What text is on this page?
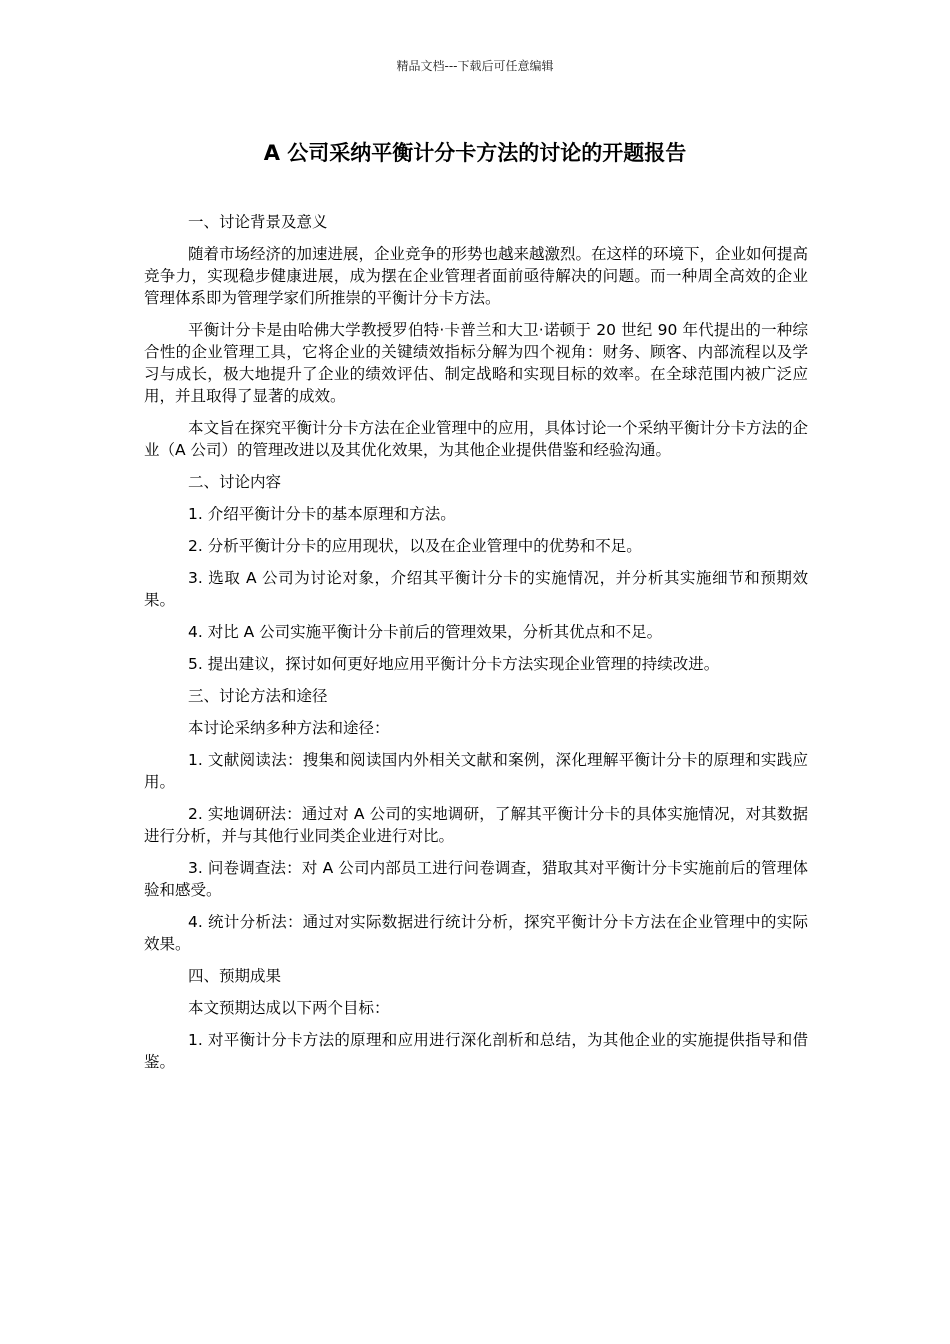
精品文档---下载后可任意编辑
A 公司采纳平衡计分卡方法的讨论的开题报告

一、讨论背景及意义

随着市场经济的加速进展，企业竞争的形势也越来越激烈。在这样的环境下，企业如何提高竞争力，实现稳步健康进展，成为摆在企业管理者面前亟待解决的问题。而一种周全高效的企业管理体系即为管理学家们所推崇的平衡计分卡方法。

平衡计分卡是由哈佛大学教授罗伯特·卡普兰和大卫·诺顿于 20 世纪 90 年代提出的一种综合性的企业管理工具，它将企业的关键绩效指标分解为四个视角：财务、顾客、内部流程以及学习与成长，极大地提升了企业的绩效评估、制定战略和实现目标的效率。在全球范围内被广泛应用，并且取得了显著的成效。

本文旨在探究平衡计分卡方法在企业管理中的应用，具体讨论一个采纳平衡计分卡方法的企业（A 公司）的管理改进以及其优化效果，为其他企业提供借鉴和经验沟通。

二、讨论内容

1. 介绍平衡计分卡的基本原理和方法。

2. 分析平衡计分卡的应用现状，以及在企业管理中的优势和不足。

3. 选取 A 公司为讨论对象，介绍其平衡计分卡的实施情况，并分析其实施细节和预期效果。

4. 对比 A 公司实施平衡计分卡前后的管理效果，分析其优点和不足。

5. 提出建议，探讨如何更好地应用平衡计分卡方法实现企业管理的持续改进。

三、讨论方法和途径

本讨论采纳多种方法和途径：

1. 文献阅读法：搜集和阅读国内外相关文献和案例，深化理解平衡计分卡的原理和实践应用。

2. 实地调研法：通过对 A 公司的实地调研，了解其平衡计分卡的具体实施情况，对其数据进行分析，并与其他行业同类企业进行对比。

3. 问卷调查法：对 A 公司内部员工进行问卷调查，猎取其对平衡计分卡实施前后的管理体验和感受。

4. 统计分析法：通过对实际数据进行统计分析，探究平衡计分卡方法在企业管理中的实际效果。

四、预期成果

本文预期达成以下两个目标：

1. 对平衡计分卡方法的原理和应用进行深化剖析和总结，为其他企业的实施提供指导和借鉴。
